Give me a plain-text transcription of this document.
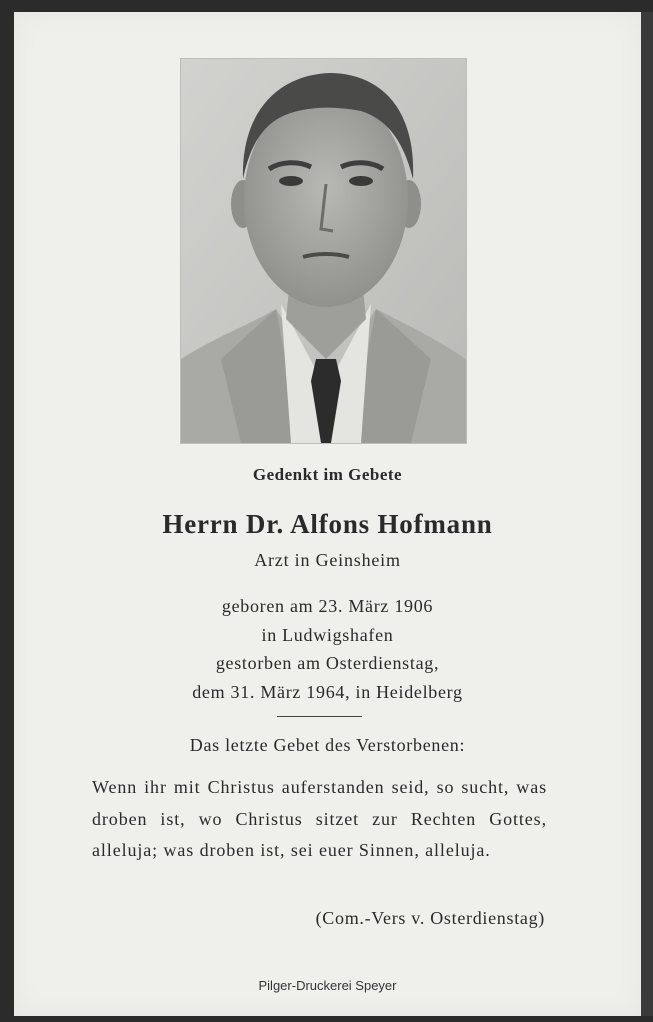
Gedenkt im Gebete
Herrn Dr. Alfons Hofmann
Arzt in Geinsheim
geboren am 23. März 1906
in Ludwigshafen
gestorben am Osterdienstag,
dem 31. März 1964, in Heidelberg
Das letzte Gebet des Verstorbenen:
Wenn ihr mit Christus auferstanden seid, so sucht, was droben ist, wo Christus sitzet zur Rechten Gottes, alleluja; was droben ist, sei euer Sinnen, alleluja.
(Com.-Vers v. Osterdienstag)
Pilger-Druckerei Speyer
